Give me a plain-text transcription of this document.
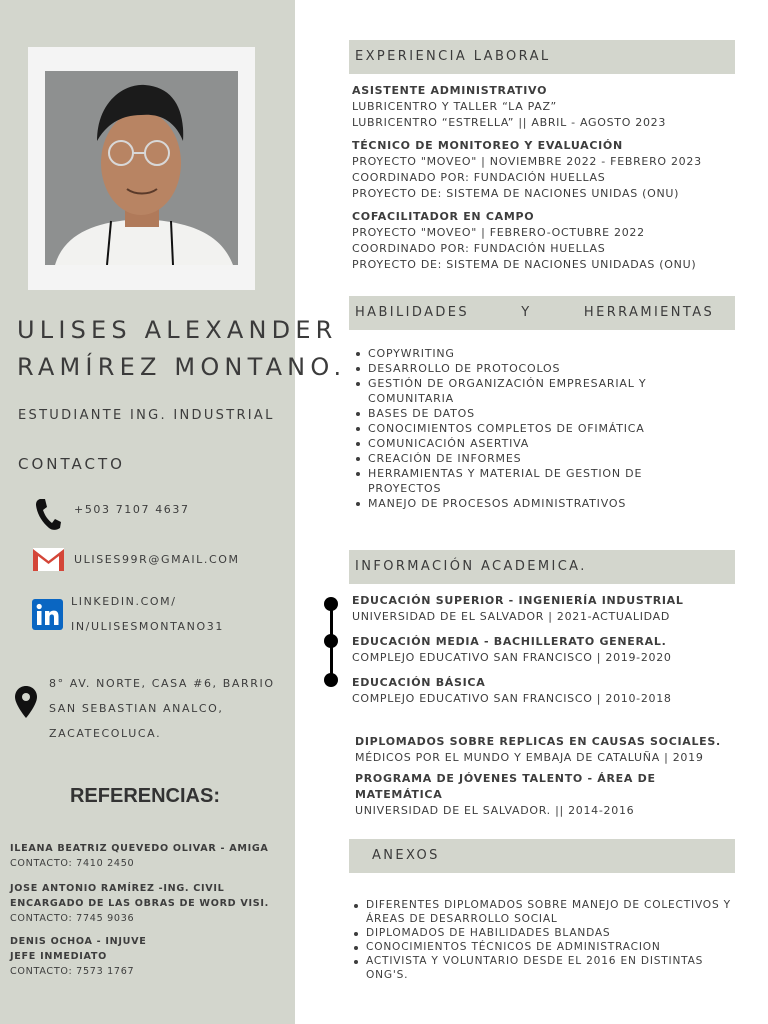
ULISES ALEXANDER
RAMÍREZ MONTANO.
ESTUDIANTE ING. INDUSTRIAL
CONTACTO
+503 7107 4637
ULISES99R@GMAIL.COM
LINKEDIN.COM/
IN/ULISESMONTANO31
8° AV. NORTE, CASA #6, BARRIO
SAN SEBASTIAN ANALCO,
ZACATECOLUCA.
REFERENCIAS:
ILEANA BEATRIZ QUEVEDO OLIVAR - AMIGA
CONTACTO: 7410 2450
JOSE ANTONIO RAMÍREZ -ING. CIVIL
ENCARGADO DE LAS OBRAS DE WORD VISI.
CONTACTO: 7745 9036
DENIS OCHOA - INJUVE
JEFE INMEDIATO
CONTACTO: 7573 1767
EXPERIENCIA LABORAL
ASISTENTE ADMINISTRATIVO
LUBRICENTRO Y TALLER “LA PAZ”
LUBRICENTRO “ESTRELLA” || ABRIL - AGOSTO 2023
TÉCNICO DE MONITOREO Y EVALUACIÓN
PROYECTO "MOVEO" | NOVIEMBRE 2022 - FEBRERO 2023
COORDINADO POR: FUNDACIÓN HUELLAS
PROYECTO DE: SISTEMA DE NACIONES UNIDAS (ONU)
COFACILITADOR EN CAMPO
PROYECTO "MOVEO" | FEBRERO-OCTUBRE 2022
COORDINADO POR: FUNDACIÓN HUELLAS
PROYECTO DE: SISTEMA DE NACIONES UNIDADAS (ONU)
HABILIDADES        Y        HERRAMIENTAS
COPYWRITING
DESARROLLO DE PROTOCOLOS
GESTIÓN DE ORGANIZACIÓN EMPRESARIAL Y COMUNITARIA
BASES DE DATOS
CONOCIMIENTOS COMPLETOS DE OFIMÁTICA
COMUNICACIÓN ASERTIVA
CREACIÓN DE INFORMES
HERRAMIENTAS Y MATERIAL DE GESTION DE PROYECTOS
MANEJO DE PROCESOS ADMINISTRATIVOS
INFORMACIÓN ACADEMICA.
EDUCACIÓN SUPERIOR - INGENIERÍA INDUSTRIAL
UNIVERSIDAD DE EL SALVADOR | 2021-ACTUALIDAD
EDUCACIÓN MEDIA - BACHILLERATO GENERAL.
COMPLEJO EDUCATIVO SAN FRANCISCO | 2019-2020
EDUCACIÓN BÁSICA
COMPLEJO EDUCATIVO SAN FRANCISCO | 2010-2018
DIPLOMADOS SOBRE REPLICAS EN CAUSAS SOCIALES.
MÉDICOS POR EL MUNDO Y EMBAJA DE CATALUÑA | 2019
PROGRAMA DE JÓVENES TALENTO - ÁREA DE MATEMÁTICA
UNIVERSIDAD DE EL SALVADOR. || 2014-2016
ANEXOS
DIFERENTES DIPLOMADOS SOBRE MANEJO DE COLECTIVOS Y ÁREAS DE DESARROLLO SOCIAL
DIPLOMADOS DE HABILIDADES BLANDAS
CONOCIMIENTOS TÉCNICOS DE ADMINISTRACION
ACTIVISTA Y VOLUNTARIO DESDE EL 2016 EN DISTINTAS ONG'S.
